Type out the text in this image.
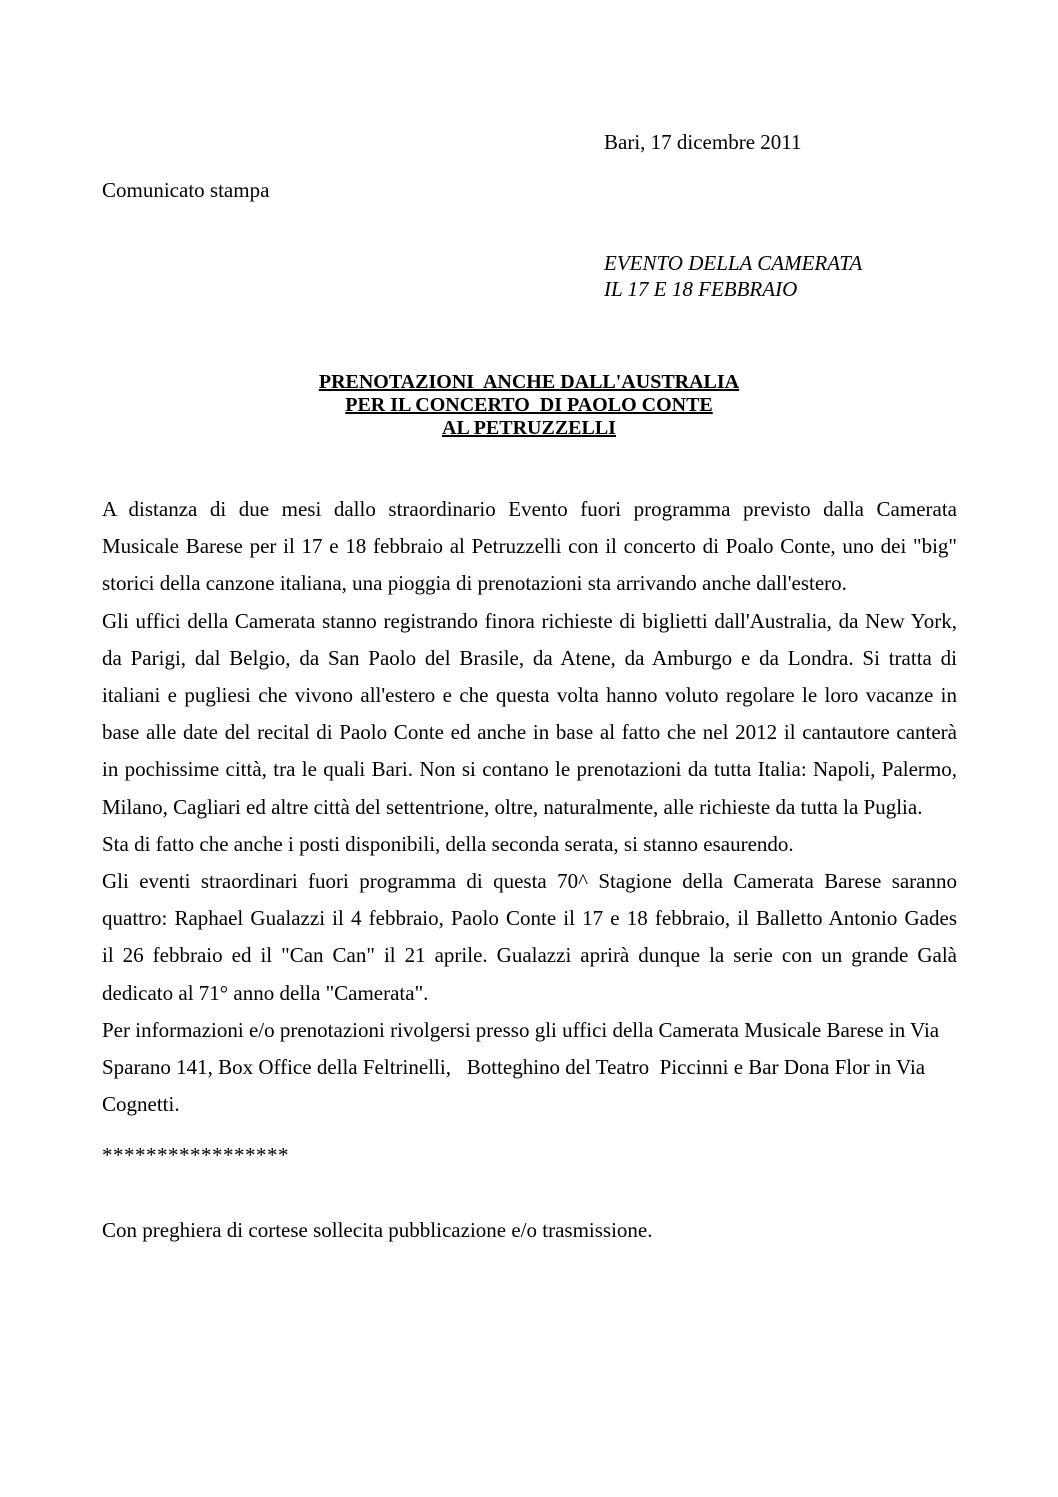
Bari, 17 dicembre 2011
Comunicato stampa
EVENTO DELLA CAMERATA
IL 17 E 18 FEBBRAIO
PRENOTAZIONI  ANCHE DALL'AUSTRALIA
PER IL CONCERTO  DI PAOLO CONTE
AL PETRUZZELLI

A distanza di due mesi dallo straordinario Evento fuori programma previsto dalla Camerata

Musicale Barese per il 17 e 18 febbraio al Petruzzelli con il concerto di Poalo Conte, uno dei "big"

storici della canzone italiana, una pioggia di prenotazioni sta arrivando anche dall'estero.

Gli uffici della Camerata stanno registrando finora richieste di biglietti dall'Australia, da New York,

da Parigi, dal Belgio, da San Paolo del Brasile, da Atene, da Amburgo e da Londra. Si tratta di

italiani e pugliesi che vivono all'estero e che questa volta hanno voluto regolare le loro vacanze in

base alle date del recital di Paolo Conte ed anche in base al fatto che nel 2012 il cantautore canterà

in pochissime città, tra le quali Bari. Non si contano le prenotazioni da tutta Italia: Napoli, Palermo,

Milano, Cagliari ed altre città del settentrione, oltre, naturalmente, alle richieste da tutta la Puglia.

Sta di fatto che anche i posti disponibili, della seconda serata, si stanno esaurendo.

Gli eventi straordinari fuori programma di questa 70^ Stagione della Camerata Barese saranno

quattro: Raphael Gualazzi il 4 febbraio, Paolo Conte il 17 e 18 febbraio, il Balletto Antonio Gades

il 26 febbraio ed il "Can Can" il 21 aprile. Gualazzi aprirà dunque la serie con un grande Galà

dedicato al 71° anno della "Camerata".

Per informazioni e/o prenotazioni rivolgersi presso gli uffici della Camerata Musicale Barese in Via

Sparano 141, Box Office della Feltrinelli,   Botteghino del Teatro  Piccinni e Bar Dona Flor in Via

Cognetti.

*****************
Con preghiera di cortese sollecita pubblicazione e/o trasmissione.
